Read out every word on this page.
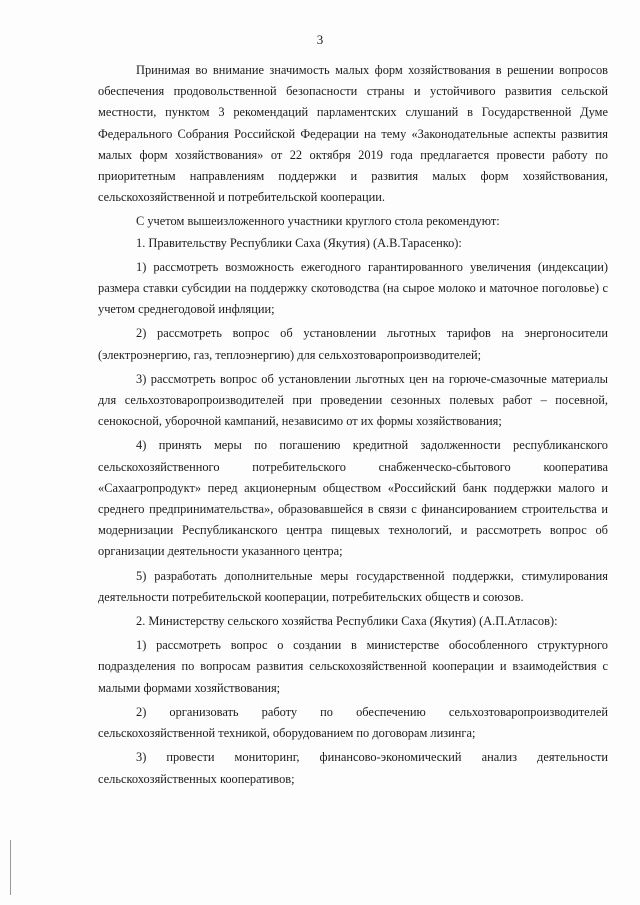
3

Принимая во внимание значимость малых форм хозяйствования в решении вопросов обеспечения продовольственной безопасности страны и устойчивого развития сельской местности, пунктом 3 рекомендаций парламентских слушаний в Государственной Думе Федерального Собрания Российской Федерации на тему «Законодательные аспекты развития малых форм хозяйствования» от 22 октября 2019 года предлагается провести работу по приоритетным направлениям поддержки и развития малых форм хозяйствования, сельскохозяйственной и потребительской кооперации.

С учетом вышеизложенного участники круглого стола рекомендуют:

1. Правительству Республики Саха (Якутия) (А.В.Тарасенко):

1) рассмотреть возможность ежегодного гарантированного увеличения (индексации) размера ставки субсидии на поддержку скотоводства (на сырое молоко и маточное поголовье) с учетом среднегодовой инфляции;

2) рассмотреть вопрос об установлении льготных тарифов на энергоносители (электроэнергию, газ, теплоэнергию) для сельхозтоваропроизводителей;

3) рассмотреть вопрос об установлении льготных цен на горюче-смазочные материалы для сельхозтоваропроизводителей при проведении сезонных полевых работ – посевной, сенокосной, уборочной кампаний, независимо от их формы хозяйствования;

4) принять меры по погашению кредитной задолженности республиканского сельскохозяйственного потребительского снабженческо-сбытового кооператива «Сахаагропродукт» перед акционерным обществом «Российский банк поддержки малого и среднего предпринимательства», образовавшейся в связи с финансированием строительства и модернизации Республиканского центра пищевых технологий, и рассмотреть вопрос об организации деятельности указанного центра;

5) разработать дополнительные меры государственной поддержки, стимулирования деятельности потребительской кооперации, потребительских обществ и союзов.

2. Министерству сельского хозяйства Республики Саха (Якутия) (А.П.Атласов):

1) рассмотреть вопрос о создании в министерстве обособленного структурного подразделения по вопросам развития сельскохозяйственной кооперации и взаимодействия с малыми формами хозяйствования;

2) организовать работу по обеспечению сельхозтоваропроизводителей сельскохозяйственной техникой, оборудованием по договорам лизинга;

3) провести мониторинг, финансово-экономический анализ деятельности сельскохозяйственных кооперативов;
